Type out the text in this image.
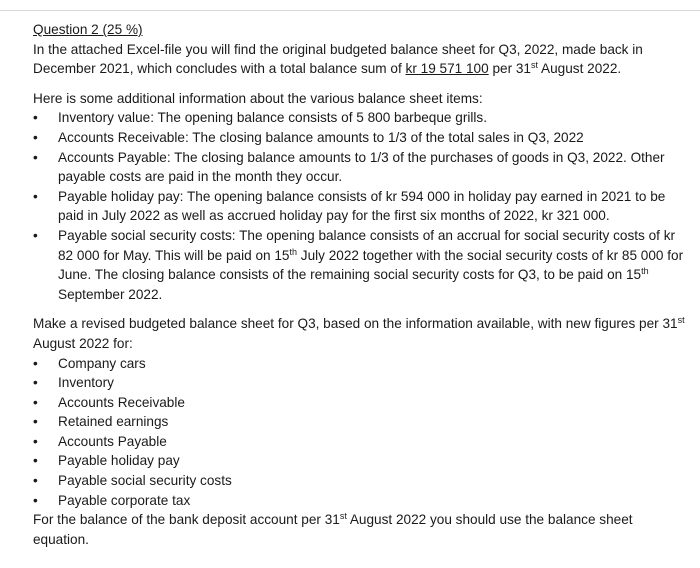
Question 2 (25 %)

In the attached Excel-file you will find the original budgeted balance sheet for Q3, 2022, made back in December 2021, which concludes with a total balance sum of kr 19 571 100 per 31st August 2022.

Here is some additional information about the various balance sheet items:

• Inventory value: The opening balance consists of 5 800 barbeque grills.
• Accounts Receivable: The closing balance amounts to 1/3 of the total sales in Q3, 2022
• Accounts Payable: The closing balance amounts to 1/3 of the purchases of goods in Q3, 2022. Other payable costs are paid in the month they occur.
• Payable holiday pay: The opening balance consists of kr 594 000 in holiday pay earned in 2021 to be paid in July 2022 as well as accrued holiday pay for the first six months of 2022, kr 321 000.
• Payable social security costs: The opening balance consists of an accrual for social security costs of kr 82 000 for May. This will be paid on 15th July 2022 together with the social security costs of kr 85 000 for June. The closing balance consists of the remaining social security costs for Q3, to be paid on 15th September 2022.

Make a revised budgeted balance sheet for Q3, based on the information available, with new figures per 31st August 2022 for:

• Company cars
• Inventory
• Accounts Receivable
• Retained earnings
• Accounts Payable
• Payable holiday pay
• Payable social security costs
• Payable corporate tax

For the balance of the bank deposit account per 31st August 2022 you should use the balance sheet equation.
